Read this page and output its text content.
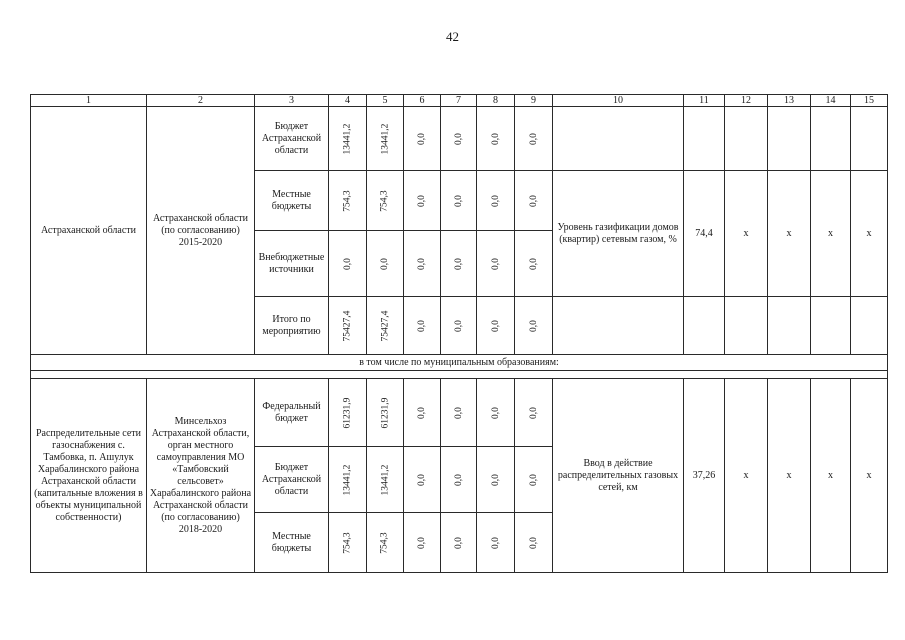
42
1	2	3	4	5	6	7	8	9	10	11	12	13	14	15
Астраханской области	Астраханской области (по согласованию) 2015-2020	Бюджет Астраханской области	13441,2	13441,2	0,0	0,0	0,0	0,0						
		Местные бюджеты	754,3	754,3	0,0	0,0	0,0	0,0	Уровень газификации домов (квартир) сетевым газом, %	74,4	x	x	x	x
		Внебюджетные источники	0,0	0,0	0,0	0,0	0,0	0,0						
		Итого по мероприятию	75427,4	75427,4	0,0	0,0	0,0	0,0						
в том числе по муниципальным образованиям:														

Распределительные сети газоснабжения с. Тамбовка, п. Ашулук Харабалинского района Астраханской области (капитальные вложения в объекты муниципальной собственности)	Минсельхоз Астраханской области, орган местного самоуправления МО «Тамбовский сельсовет» Харабалинского района Астраханской области (по согласованию) 2018-2020	Федеральный бюджет	61231,9	61231,9	0,0	0,0	0,0	0,0	Ввод в действие распределительных газовых сетей, км	37,26	x	x	x	x
		Бюджет Астраханской области	13441,2	13441,2	0,0	0,0	0,0	0,0						
		Местные бюджеты	754,3	754,3	0,0	0,0	0,0	0,0						
